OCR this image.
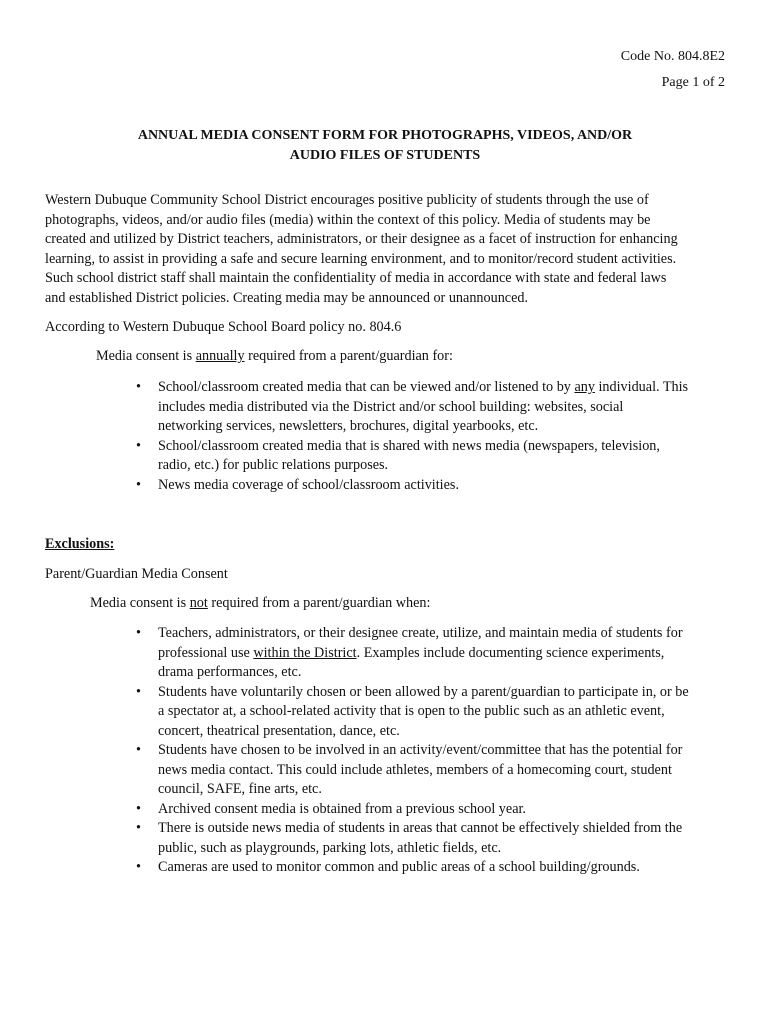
Code No. 804.8E2
Page 1 of 2
ANNUAL MEDIA CONSENT FORM FOR PHOTOGRAPHS, VIDEOS, AND/OR
AUDIO FILES OF STUDENTS

Western Dubuque Community School District encourages positive publicity of students through the use of
photographs, videos, and/or audio files (media) within the context of this policy. Media of students may be
created and utilized by District teachers, administrators, or their designee as a facet of instruction for enhancing
learning, to assist in providing a safe and secure learning environment, and to monitor/record student activities.
Such school district staff shall maintain the confidentiality of media in accordance with state and federal laws
and established District policies. Creating media may be announced or unannounced.

According to Western Dubuque School Board policy no. 804.6

Media consent is annually required from a parent/guardian for:

• School/classroom created media that can be viewed and/or listened to by any individual. This
includes media distributed via the District and/or school building: websites, social
networking services, newsletters, brochures, digital yearbooks, etc.
• School/classroom created media that is shared with news media (newspapers, television,
radio, etc.) for public relations purposes.
• News media coverage of school/classroom activities.

Exclusions:

Parent/Guardian Media Consent

Media consent is not required from a parent/guardian when:

• Teachers, administrators, or their designee create, utilize, and maintain media of students for
professional use within the District. Examples include documenting science experiments,
drama performances, etc.
• Students have voluntarily chosen or been allowed by a parent/guardian to participate in, or be
a spectator at, a school-related activity that is open to the public such as an athletic event,
concert, theatrical presentation, dance, etc.
• Students have chosen to be involved in an activity/event/committee that has the potential for
news media contact. This could include athletes, members of a homecoming court, student
council, SAFE, fine arts, etc.
• Archived consent media is obtained from a previous school year.
• There is outside news media of students in areas that cannot be effectively shielded from the
public, such as playgrounds, parking lots, athletic fields, etc.
• Cameras are used to monitor common and public areas of a school building/grounds.
